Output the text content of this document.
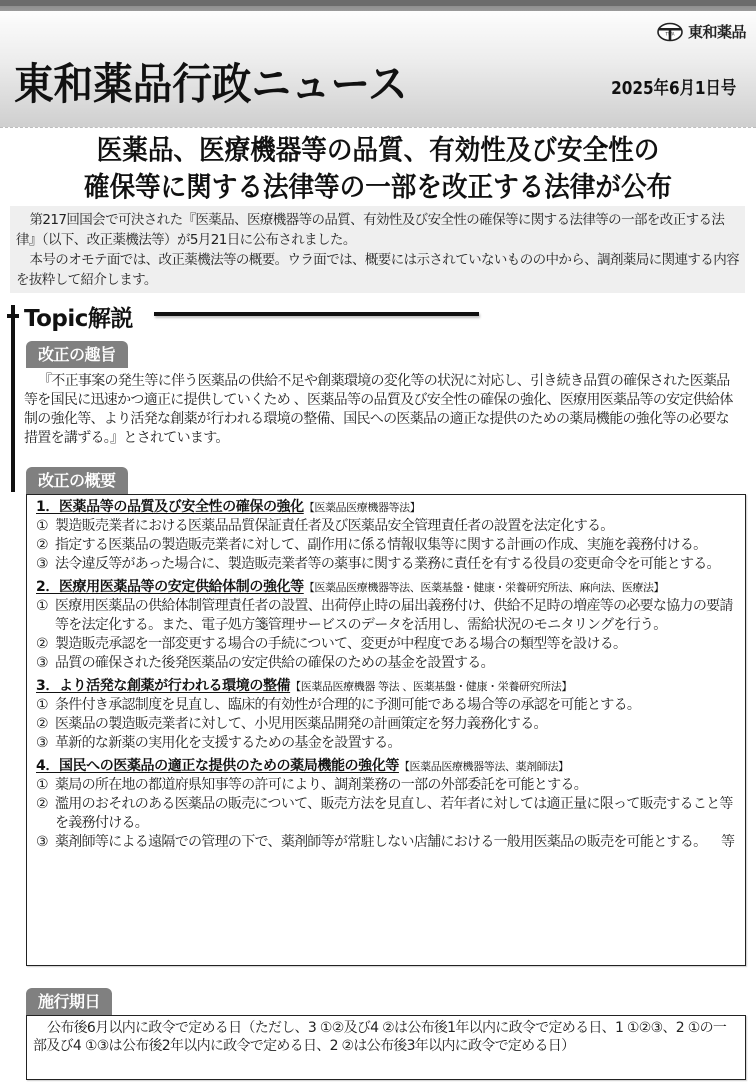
TWA 東和薬品
東和薬品行政ニュース	2025年6月1日号
医薬品、医療機器等の品質、有効性及び安全性の
確保等に関する法律等の一部を改正する法律が公布

第217回国会で可決された『医薬品、医療機器等の品質、有効性及び安全性の確保等に関する法律等の一部を改正する法律』（以下、改正薬機法等）が5月21日に公布されました。

本号のオモテ面では、改正薬機法等の概要。ウラ面では、概要には示されていないものの中から、調剤薬局に関連する内容を抜粋して紹介します。

Topic解説
改正の趣旨

『不正事案の発生等に伴う医薬品の供給不足や創薬環境の変化等の状況に対応し、引き続き品質の確保された医薬品等を国民に迅速かつ適正に提供していくため 、医薬品等の品質及び安全性の確保の強化、医療用医薬品等の安定供給体制の強化等、より活発な創薬が行われる環境の整備、国民への医薬品の適正な提供のための薬局機能の強化等の必要な措置を講ずる。』とされています。

改正の概要
1．医薬品等の品質及び安全性の確保の強化【医薬品医療機器等法】
① 製造販売業者における医薬品品質保証責任者及び医薬品安全管理責任者の設置を法定化する。
② 指定する医薬品の製造販売業者に対して、副作用に係る情報収集等に関する計画の作成、実施を義務付ける。
③ 法令違反等があった場合に、製造販売業者等の薬事に関する業務に責任を有する役員の変更命令を可能とする。
2．医療用医薬品等の安定供給体制の強化等【医薬品医療機器等法、医薬基盤・健康・栄養研究所法、麻向法、医療法】
① 医療用医薬品の供給体制管理責任者の設置、出荷停止時の届出義務付け、供給不足時の増産等の必要な協力の要請等を法定化する。また、電子処方箋管理サービスのデータを活用し、需給状況のモニタリングを行う。
② 製造販売承認を一部変更する場合の手続について、変更が中程度である場合の類型等を設ける。
③ 品質の確保された後発医薬品の安定供給の確保のための基金を設置する。
3．より活発な創薬が行われる環境の整備【医薬品医療機器 等法 、医薬基盤・健康・栄養研究所法】
① 条件付き承認制度を見直し、臨床的有効性が合理的に予測可能である場合等の承認を可能とする。
② 医薬品の製造販売業者に対して、小児用医薬品開発の計画策定を努力義務化する。
③ 革新的な新薬の実用化を支援するための基金を設置する。
4．国民への医薬品の適正な提供のための薬局機能の強化等【医薬品医療機器等法、薬剤師法】
① 薬局の所在地の都道府県知事等の許可により、調剤業務の一部の外部委託を可能とする。
② 濫用のおそれのある医薬品の販売について、販売方法を見直し、若年者に対しては適正量に限って販売すること等を義務付ける。
③ 薬剤師等による遠隔での管理の下で、薬剤師等が常駐しない店舗における一般用医薬品の販売を可能とする。	等
施行期日

公布後6月以内に政令で定める日（ただし、3 ①②及び4 ②は公布後1年以内に政令で定める日、1 ①②③、2 ①の一部及び4 ①③は公布後2年以内に政令で定める日、2 ②は公布後3年以内に政令で定める日）
